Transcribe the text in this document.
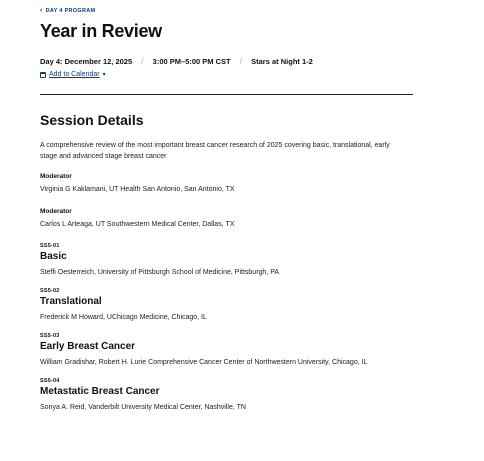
‹ DAY 4 PROGRAM
Year in Review
Day 4: December 12, 2025 / 3:00 PM–5:00 PM CST / Stars at Night 1-2
Add to Calendar ▾
Session Details
A comprehensive review of the most important breast cancer research of 2025 covering basic, translational, early stage and advanced stage breast cancer
Moderator
Virginia G Kaklamani, UT Health San Antonio, San Antonio, TX
Moderator
Carlos L Arteaga, UT Southwestern Medical Center, Dallas, TX
SS5-01
Basic
Steffi Oesterreich, University of Pittsburgh School of Medicine, Pittsburgh, PA
SS5-02
Translational
Frederick M Howard, UChicago Medicine, Chicago, IL
SS5-03
Early Breast Cancer
William Gradishar, Robert H. Lurie Comprehensive Cancer Center of Northwestern University, Chicago, IL
SS5-04
Metastatic Breast Cancer
Sonya A. Reid, Vanderbilt University Medical Center, Nashville, TN
